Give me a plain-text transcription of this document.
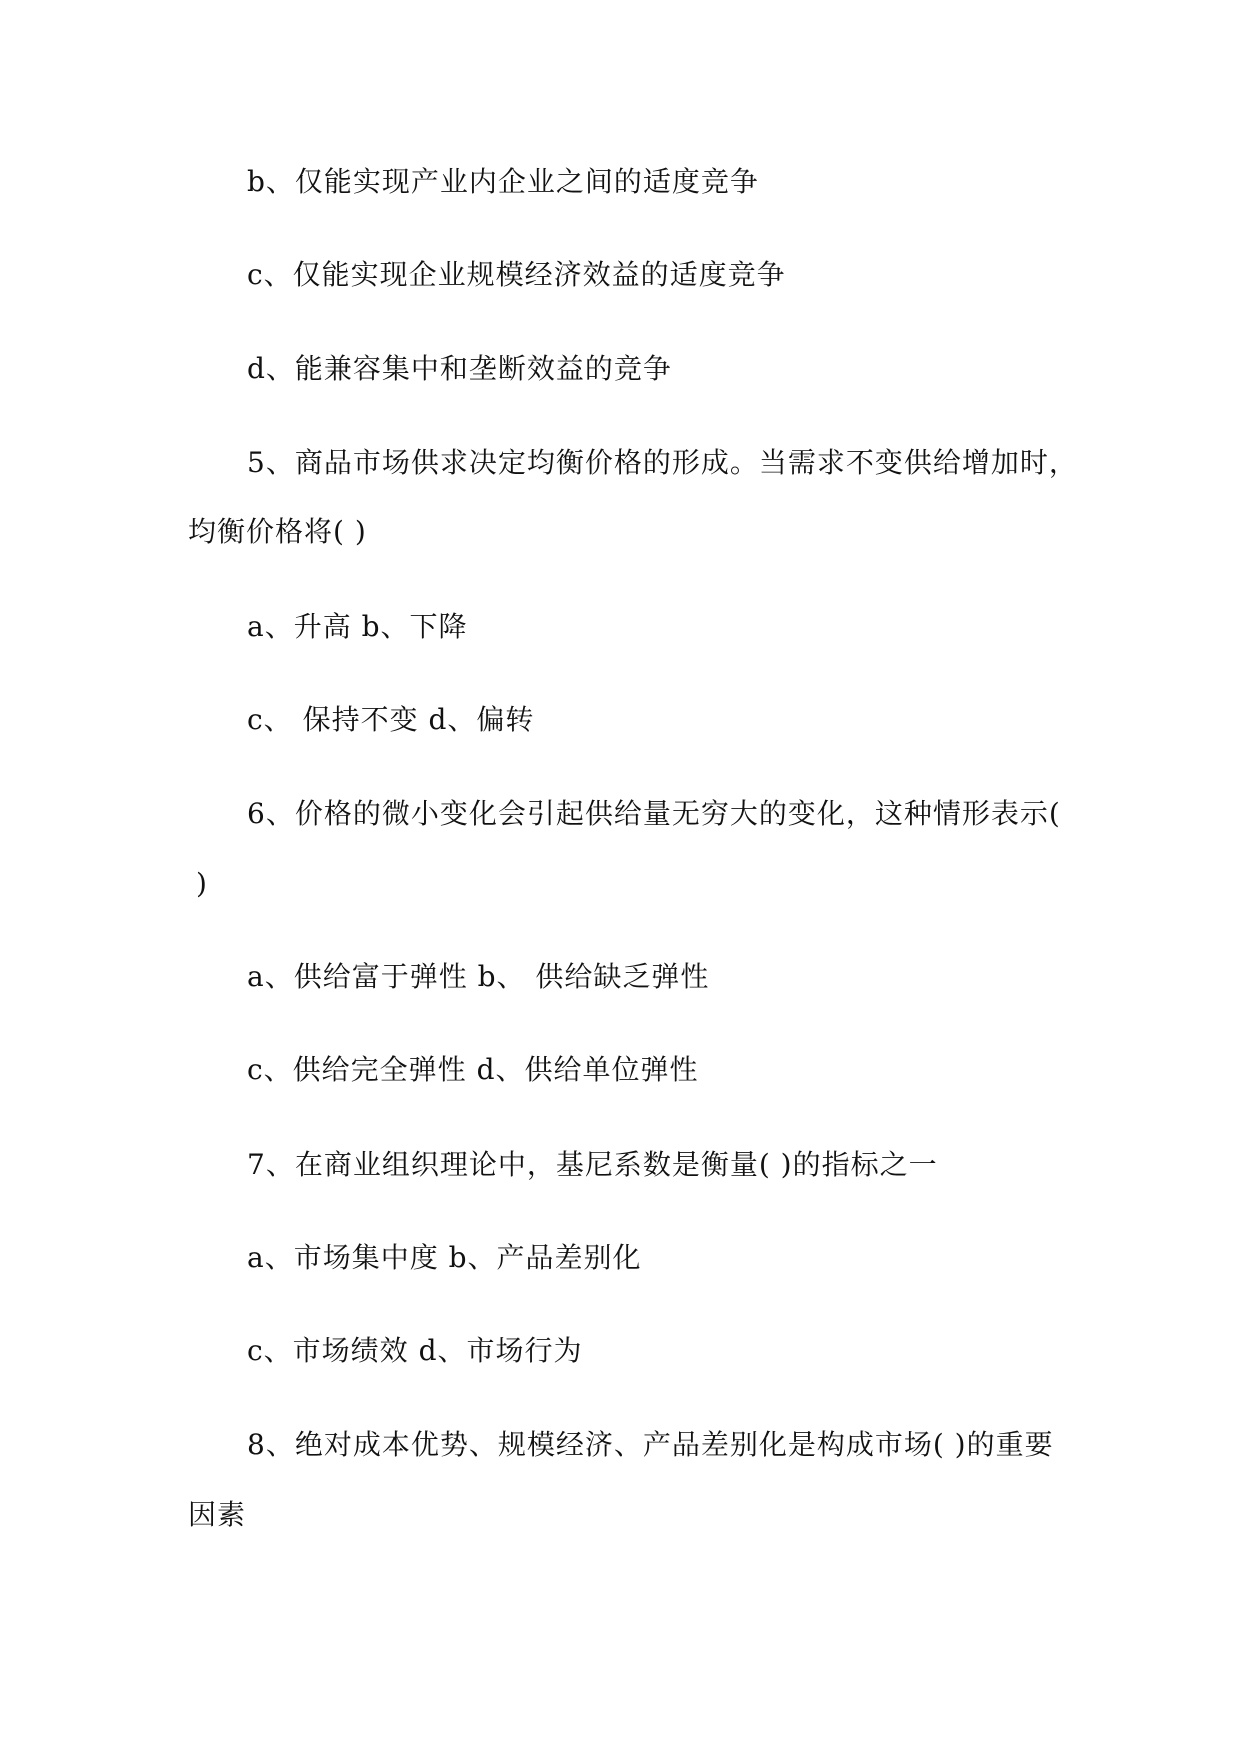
b、仅能实现产业内企业之间的适度竞争
c、仅能实现企业规模经济效益的适度竞争
d、能兼容集中和垄断效益的竞争
5、商品市场供求决定均衡价格的形成。当需求不变供给增加时，
均衡价格将( )
a、升高 b、下降
c、 保持不变 d、偏转
6、价格的微小变化会引起供给量无穷大的变化，这种情形表示(
)
a、供给富于弹性 b、 供给缺乏弹性
c、供给完全弹性 d、供给单位弹性
7、在商业组织理论中，基尼系数是衡量( )的指标之一
a、市场集中度 b、产品差别化
c、市场绩效 d、市场行为
8、绝对成本优势、规模经济、产品差别化是构成市场( )的重要
因素
